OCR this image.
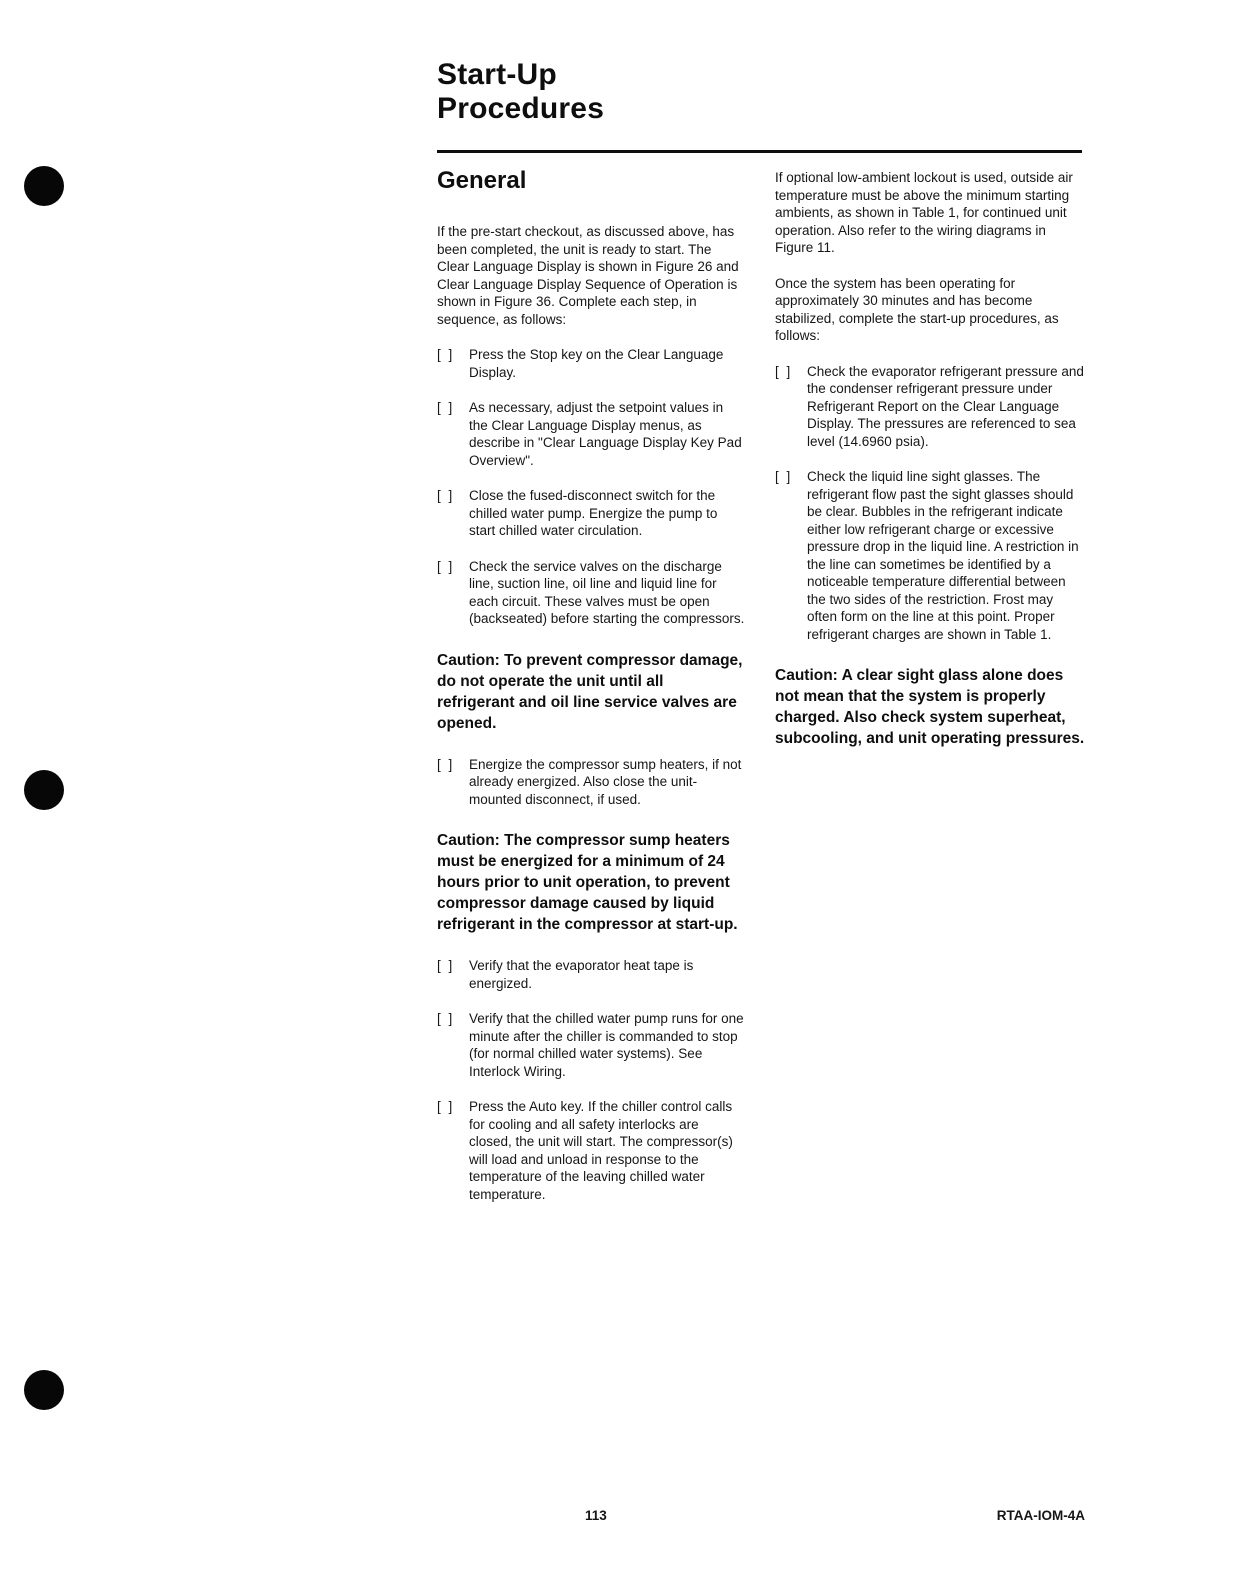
Start-Up
Procedures
General

If the pre-start checkout, as discussed above, has been completed, the unit is ready to start. The Clear Language Display is shown in Figure 26 and Clear Language Display Sequence of Operation is shown in Figure 36. Complete each step, in sequence, as follows:

[ ] Press the Stop key on the Clear Language Display.
[ ] As necessary, adjust the setpoint values in the Clear Language Display menus, as describe in "Clear Language Display Key Pad Overview".
[ ] Close the fused-disconnect switch for the chilled water pump. Energize the pump to start chilled water circulation.
[ ] Check the service valves on the discharge line, suction line, oil line and liquid line for each circuit. These valves must be open (backseated) before starting the compressors.

Caution: To prevent compressor damage, do not operate the unit until all refrigerant and oil line service valves are opened.

[ ] Energize the compressor sump heaters, if not already energized. Also close the unit-mounted disconnect, if used.

Caution: The compressor sump heaters must be energized for a minimum of 24 hours prior to unit operation, to prevent compressor damage caused by liquid refrigerant in the compressor at start-up.

[ ] Verify that the evaporator heat tape is energized.
[ ] Verify that the chilled water pump runs for one minute after the chiller is commanded to stop (for normal chilled water systems). See Interlock Wiring.
[ ] Press the Auto key. If the chiller control calls for cooling and all safety interlocks are closed, the unit will start. The compressor(s) will load and unload in response to the temperature of the leaving chilled water temperature.

If optional low-ambient lockout is used, outside air temperature must be above the minimum starting ambients, as shown in Table 1, for continued unit operation. Also refer to the wiring diagrams in Figure 11.

Once the system has been operating for approximately 30 minutes and has become stabilized, complete the start-up procedures, as follows:

[ ] Check the evaporator refrigerant pressure and the condenser refrigerant pressure under Refrigerant Report on the Clear Language Display. The pressures are referenced to sea level (14.6960 psia).
[ ] Check the liquid line sight glasses. The refrigerant flow past the sight glasses should be clear. Bubbles in the refrigerant indicate either low refrigerant charge or excessive pressure drop in the liquid line. A restriction in the line can sometimes be identified by a noticeable temperature differential between the two sides of the restriction. Frost may often form on the line at this point. Proper refrigerant charges are shown in Table 1.

Caution: A clear sight glass alone does not mean that the system is properly charged. Also check system superheat, subcooling, and unit operating pressures.

113	RTAA-IOM-4A
